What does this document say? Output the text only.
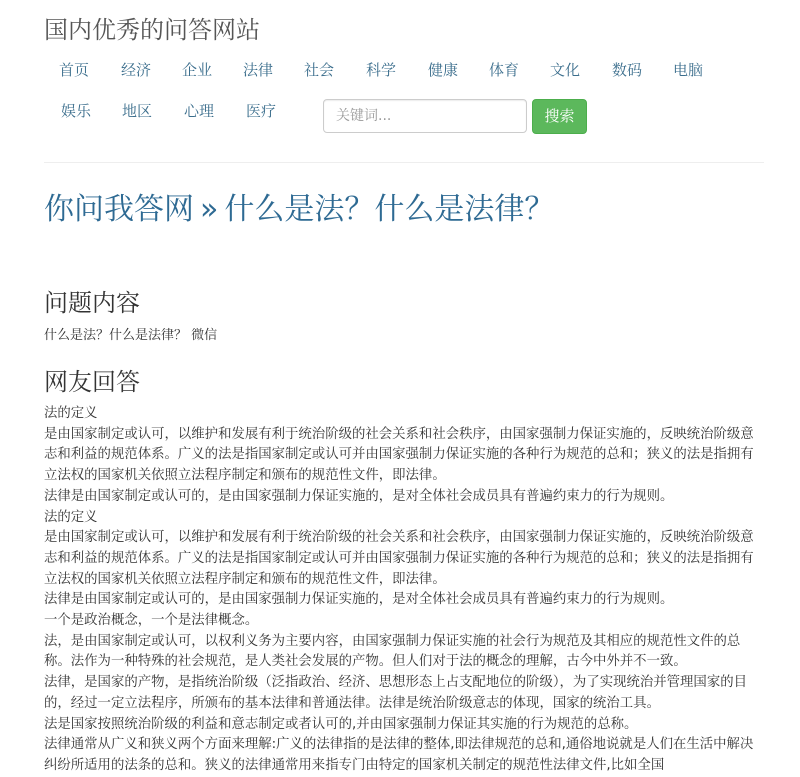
国内优秀的问答网站
首页 经济 企业 法律 社会 科学 健康 体育 文化 数码 电脑
娱乐 地区 心理 医疗
关键词...	搜索
你问我答网 » 什么是法？什么是法律？
问题内容
什么是法？什么是法律？ 微信
网友回答

法的定义

是由国家制定或认可，以维护和发展有利于统治阶级的社会关系和社会秩序，由国家强制力保证实施的，反映统治阶级意志和利益的规范体系。广义的法是指国家制定或认可并由国家强制力保证实施的各种行为规范的总和；狭义的法是指拥有立法权的国家机关依照立法程序制定和颁布的规范性文件，即法律。

法律是由国家制定或认可的，是由国家强制力保证实施的，是对全体社会成员具有普遍约束力的行为规则。

法的定义

是由国家制定或认可，以维护和发展有利于统治阶级的社会关系和社会秩序，由国家强制力保证实施的，反映统治阶级意志和利益的规范体系。广义的法是指国家制定或认可并由国家强制力保证实施的各种行为规范的总和；狭义的法是指拥有立法权的国家机关依照立法程序制定和颁布的规范性文件，即法律。

法律是由国家制定或认可的，是由国家强制力保证实施的，是对全体社会成员具有普遍约束力的行为规则。

一个是政治概念，一个是法律概念。

法，是由国家制定或认可，以权利义务为主要内容，由国家强制力保证实施的社会行为规范及其相应的规范性文件的总称。法作为一种特殊的社会规范，是人类社会发展的产物。但人们对于法的概念的理解，古今中外并不一致。

法律，是国家的产物，是指统治阶级（泛指政治、经济、思想形态上占支配地位的阶级），为了实现统治并管理国家的目的，经过一定立法程序，所颁布的基本法律和普通法律。法律是统治阶级意志的体现，国家的统治工具。

法是国家按照统治阶级的利益和意志制定或者认可的,并由国家强制力保证其实施的行为规范的总称。

法律通常从广义和狭义两个方面来理解:广义的法律指的是法律的整体,即法律规范的总和,通俗地说就是人们在生活中解决纠纷所适用的法条的总和。狭义的法律通常用来指专门由特定的国家机关制定的规范性法律文件,比如全国
